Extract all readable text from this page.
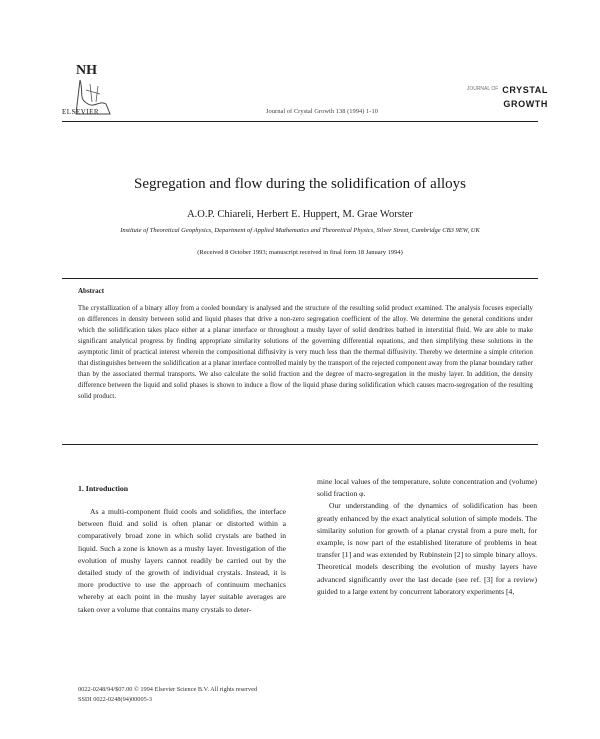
NH
ELSEVIER	Journal of Crystal Growth 138 (1994) 1-10
JOURNAL OF CRYSTAL
GROWTH
Segregation and flow during the solidification of alloys
A.O.P. Chiareli, Herbert E. Huppert, M. Grae Worster
Institute of Theoretical Geophysics, Department of Applied Mathematics and Theoretical Physics, Silver Street, Cambridge CB3 9EW, UK
(Received 8 October 1993; manuscript received in final form 18 January 1994)
Abstract
The crystallization of a binary alloy from a cooled boundary is analysed and the structure of the resulting solid product examined. The analysis focuses especially on differences in density between solid and liquid phases that drive a non-zero segregation coefficient of the alloy. We determine the general conditions under which the solidification takes place either at a planar interface or throughout a mushy layer of solid dendrites bathed in interstitial fluid. We are able to make significant analytical progress by finding appropriate similarity solutions of the governing differential equations, and then simplifying these solutions in the asymptotic limit of practical interest wherein the compositional diffusivity is very much less than the thermal diffusivity. Thereby we determine a simple criterion that distinguishes between the solidification at a planar interface controlled mainly by the transport of the rejected component away from the planar boundary rather than by the associated thermal transports. We also calculate the solid fraction and the degree of macro-segregation in the mushy layer. In addition, the density difference between the liquid and solid phases is shown to induce a flow of the liquid phase during solidification which causes macro-segregation of the resulting solid product.
1. Introduction

As a multi-component fluid cools and solidifies, the interface between fluid and solid is often planar or distorted within a comparatively broad zone in which solid crystals are bathed in liquid. Such a zone is known as a mushy layer. Investigation of the evolution of mushy layers cannot readily be carried out by the detailed study of the growth of individual crystals. Instead, it is more productive to use the approach of continuum mechanics whereby at each point in the mushy layer suitable averages are taken over a volume that contains many crystals to deter-

mine local values of the temperature, solute concentration and (volume) solid fraction φ.

Our understanding of the dynamics of solidification has been greatly enhanced by the exact analytical solution of simple models. The similarity solution for growth of a planar crystal from a pure melt, for example, is now part of the established literature of problems in heat transfer [1] and was extended by Rubinstein [2] to simple binary alloys. Theoretical models describing the evolution of mushy layers have advanced significantly over the last decade (see ref. [3] for a review) guided to a large extent by concurrent laboratory experiments [4,

0022-0248/94/$07.00 © 1994 Elsevier Science B.V. All rights reserved
SSDI 0022-0248(94)00005-3
